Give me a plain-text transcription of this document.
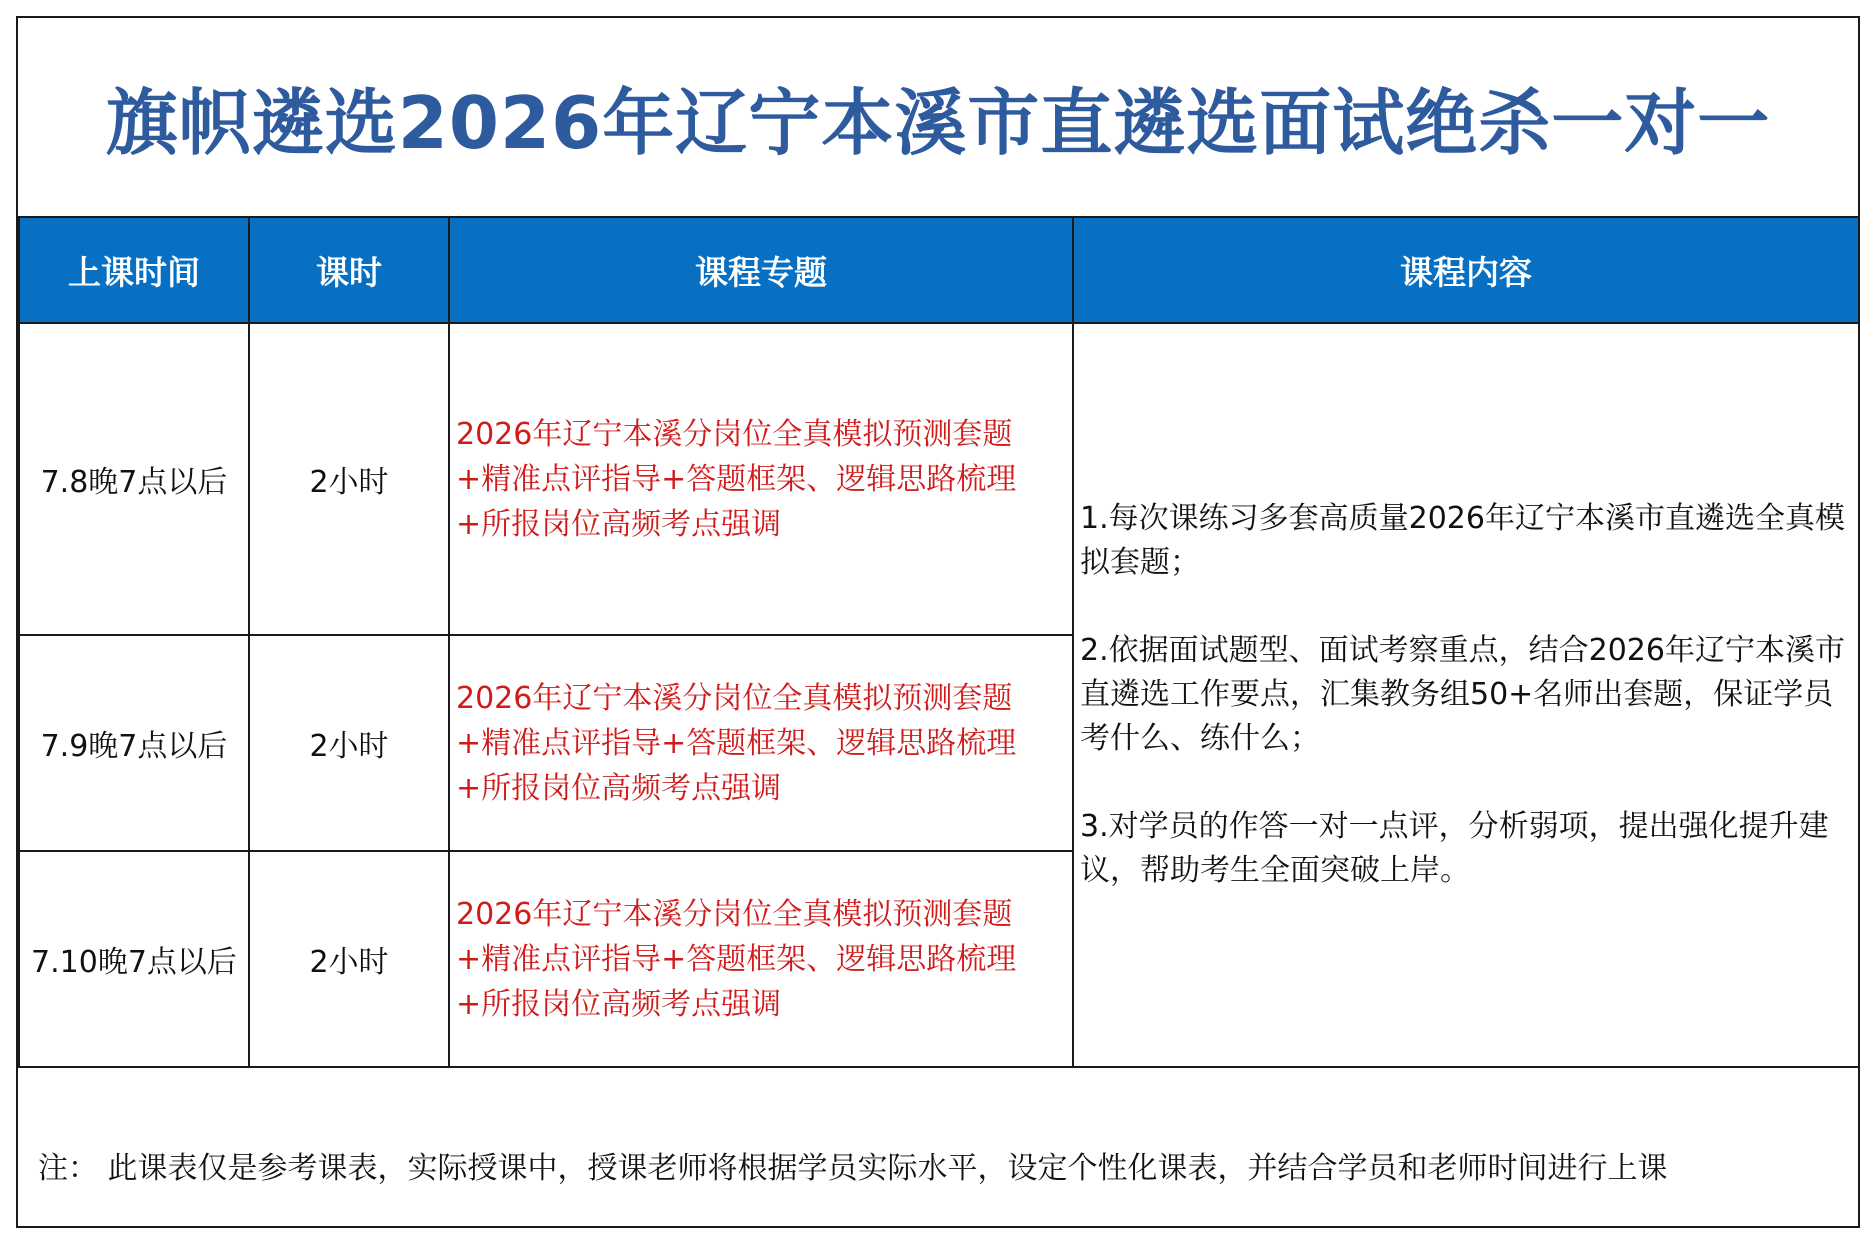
旗帜遴选2026年辽宁本溪市直遴选面试绝杀一对一
上课时间	课时	课程专题	课程内容
7.8晚7点以后	2小时	2026年辽宁本溪分岗位全真模拟预测套题+精准点评指导+答题框架、逻辑思路梳理+所报岗位高频考点强调	1.每次课练习多套高质量2026年辽宁本溪市直遴选全真模拟套题；

2.依据面试题型、面试考察重点，结合2026年辽宁本溪市直遴选工作要点，汇集教务组50+名师出套题，保证学员考什么、练什么；

3.对学员的作答一对一点评，分析弱项，提出强化提升建议，帮助考生全面突破上岸。

7.9晚7点以后	2小时	2026年辽宁本溪分岗位全真模拟预测套题+精准点评指导+答题框架、逻辑思路梳理+所报岗位高频考点强调	
7.10晚7点以后	2小时	2026年辽宁本溪分岗位全真模拟预测套题+精准点评指导+答题框架、逻辑思路梳理+所报岗位高频考点强调	
注： 此课表仅是参考课表，实际授课中，授课老师将根据学员实际水平，设定个性化课表，并结合学员和老师时间进行上课
